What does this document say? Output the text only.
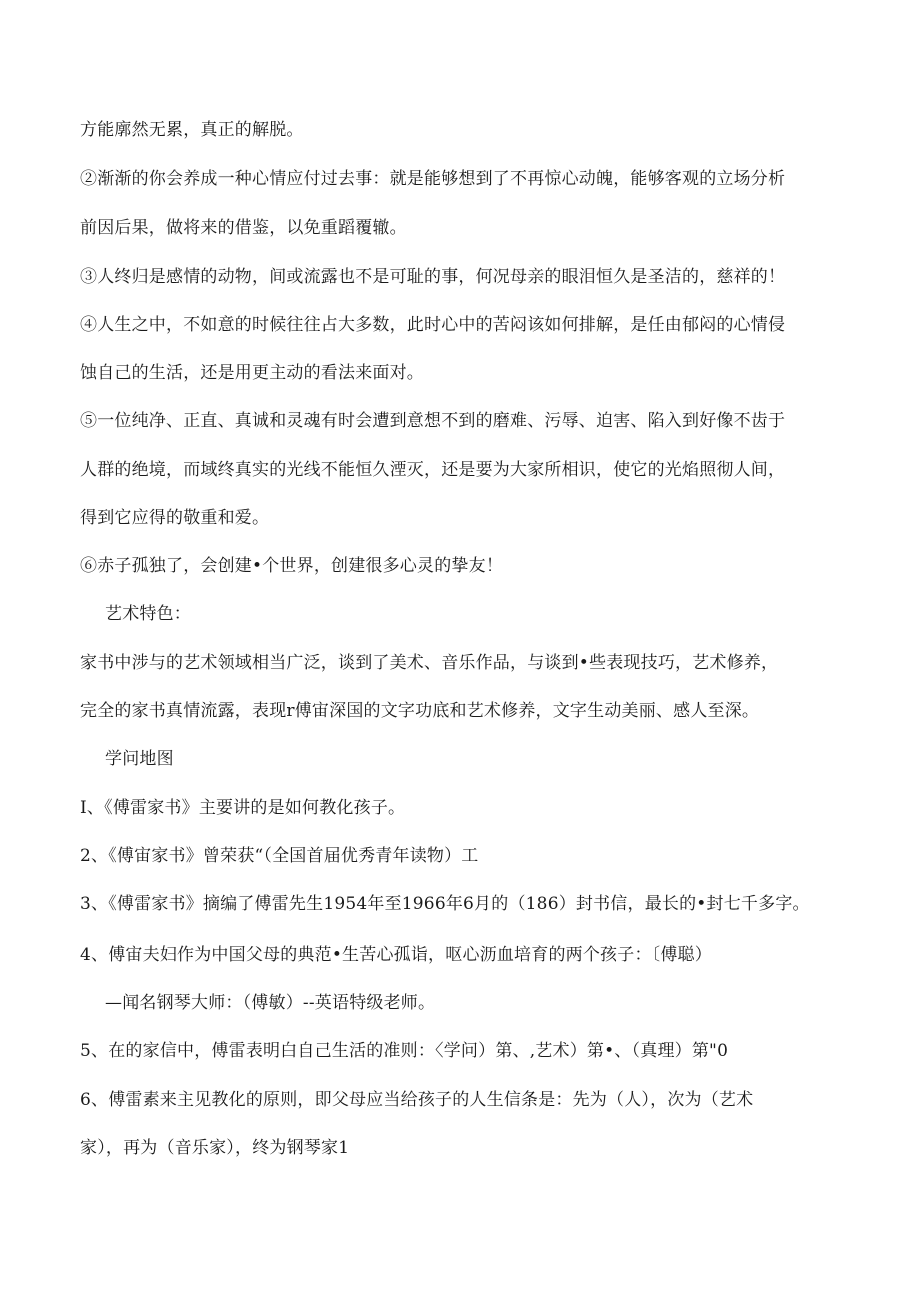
方能廓然无累，真正的解脱。
②渐渐的你会养成一种心情应付过去事：就是能够想到了不再惊心动魄，能够客观的立场分析
前因后果，做将来的借鉴，以免重蹈覆辙。
③人终归是感情的动物，间或流露也不是可耻的事，何况母亲的眼泪恒久是圣洁的，慈祥的！
④人生之中，不如意的时候往往占大多数，此时心中的苦闷该如何排解，是任由郁闷的心情侵
蚀自己的生活，还是用更主动的看法来面对。
⑤一位纯净、正直、真诚和灵魂有时会遭到意想不到的磨难、污辱、迫害、陷入到好像不齿于
人群的绝境，而域终真实的光线不能恒久湮灭，还是要为大家所相识，使它的光焰照彻人间，
得到它应得的敬重和爱。
⑥赤子孤独了，会创建•个世界，创建很多心灵的挚友！
艺术特色：
家书中涉与的艺术领域相当广泛，谈到了美术、音乐作品，与谈到•些表现技巧，艺术修养，
完全的家书真情流露，表现r傅宙深国的文字功底和艺术修养，文字生动美丽、感人至深。
学问地图
I、《傅雷家书》主要讲的是如何教化孩子。
2、《傅宙家书》曾荣获“（全国首届优秀青年读物）工
3、《傅雷家书》摘编了傅雷先生1954年至1966年6月的（186）封书信，最长的•封七千多字。
4、傅宙夫妇作为中国父母的典范•生苦心孤诣，呕心沥血培育的两个孩子：〔傅聪）
—闻名钢琴大师：（傅敏）--英语特级老师。
5、在的家信中，傅雷表明白自己生活的准则：〈学问）第、,艺术）第•、（真理）第"0
6、傅雷素来主见教化的原则，即父母应当给孩子的人生信条是：先为（人），次为（艺术
家），再为（音乐家），终为钢琴家1
